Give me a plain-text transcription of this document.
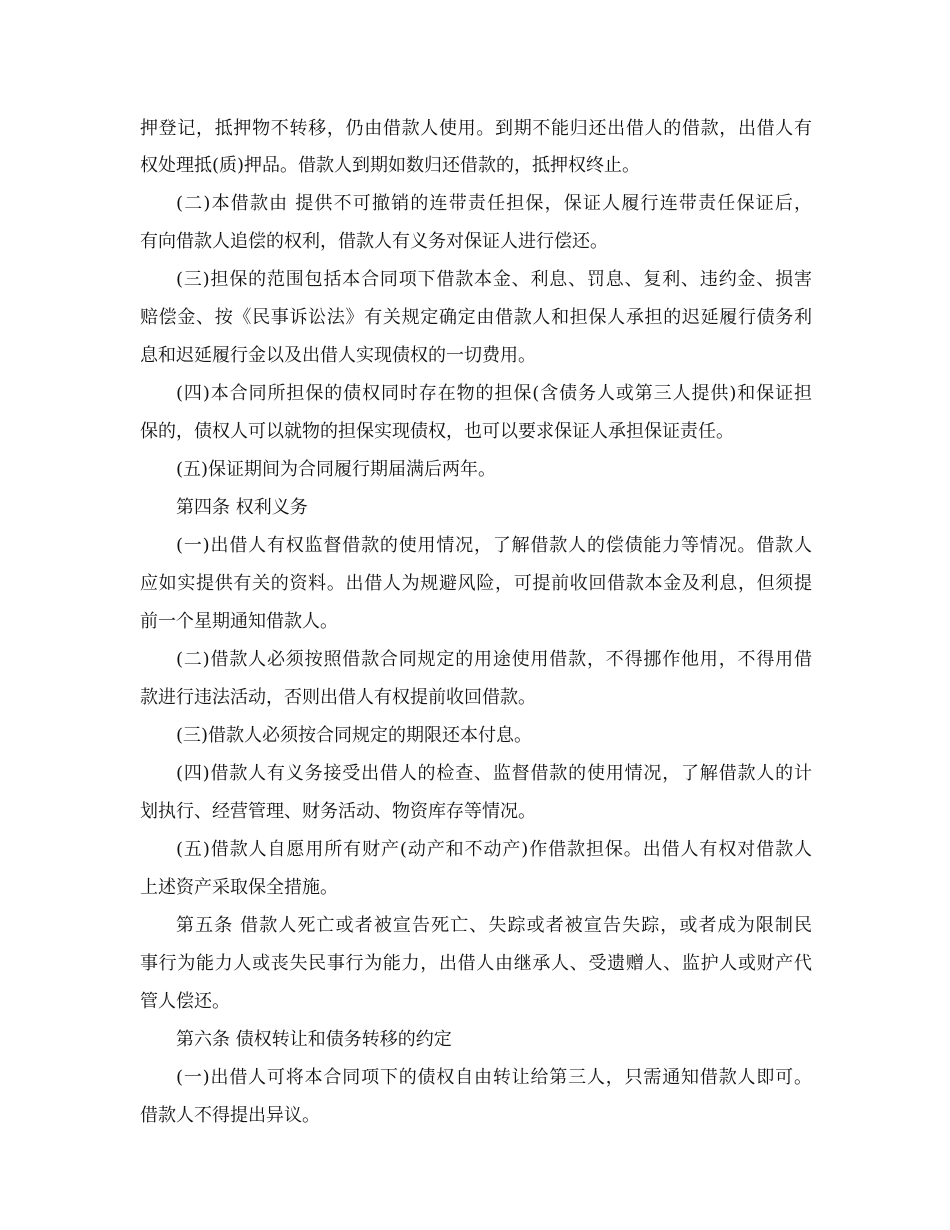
押登记，抵押物不转移，仍由借款人使用。到期不能归还出借人的借款，出借人有
权处理抵(质)押品。借款人到期如数归还借款的，抵押权终止。
(二)本借款由 提供不可撤销的连带责任担保，保证人履行连带责任保证后，
有向借款人追偿的权利，借款人有义务对保证人进行偿还。
(三)担保的范围包括本合同项下借款本金、利息、罚息、复利、违约金、损害
赔偿金、按《民事诉讼法》有关规定确定由借款人和担保人承担的迟延履行债务利
息和迟延履行金以及出借人实现债权的一切费用。
(四)本合同所担保的债权同时存在物的担保(含债务人或第三人提供)和保证担
保的，债权人可以就物的担保实现债权，也可以要求保证人承担保证责任。
(五)保证期间为合同履行期届满后两年。
第四条 权利义务
(一)出借人有权监督借款的使用情况，了解借款人的偿债能力等情况。借款人
应如实提供有关的资料。出借人为规避风险，可提前收回借款本金及利息，但须提
前一个星期通知借款人。
(二)借款人必须按照借款合同规定的用途使用借款，不得挪作他用，不得用借
款进行违法活动，否则出借人有权提前收回借款。
(三)借款人必须按合同规定的期限还本付息。
(四)借款人有义务接受出借人的检查、监督借款的使用情况，了解借款人的计
划执行、经营管理、财务活动、物资库存等情况。
(五)借款人自愿用所有财产(动产和不动产)作借款担保。出借人有权对借款人
上述资产采取保全措施。
第五条 借款人死亡或者被宣告死亡、失踪或者被宣告失踪，或者成为限制民
事行为能力人或丧失民事行为能力，出借人由继承人、受遗赠人、监护人或财产代
管人偿还。
第六条 债权转让和债务转移的约定
(一)出借人可将本合同项下的债权自由转让给第三人，只需通知借款人即可。
借款人不得提出异议。
